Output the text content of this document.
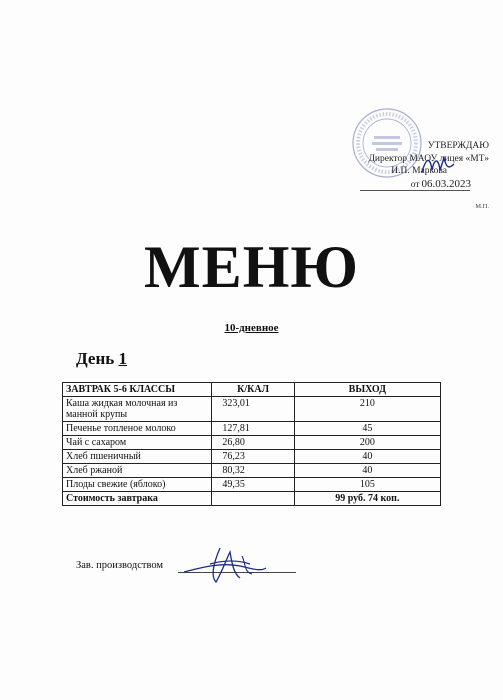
УТВЕРЖДАЮ
Директор МАОУ лицея «МТ»
И.П. Маркова
от 06.03.2023
М.П.
МЕНЮ
10-дневное
День 1
ЗАВТРАК 5-6 КЛАССЫ	К/КАЛ	ВЫХОД
Каша жидкая молочная из манной крупы	323,01	210
Печенье топленое молоко	127,81	45
Чай с сахаром	26,80	200
Хлеб пшеничный	76,23	40
Хлеб ржаной	80,32	40
Плоды свежие (яблоко)	49,35	105
Стоимость завтрака		99 руб. 74 коп.
Зав. производством
